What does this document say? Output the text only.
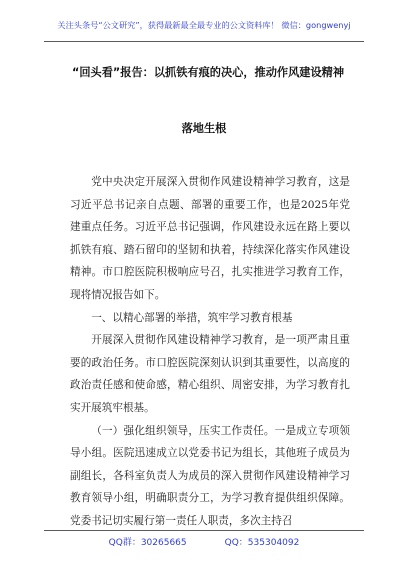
关注头条号“公文研究”，获得最新最全最专业的公文资料库！ 微信：gongwenyj
“回头看”报告：以抓铁有痕的决心，推动作风建设精神
落地生根

党中央决定开展深入贯彻作风建设精神学习教育，这是习近平总书记亲自点题、部署的重要工作，也是2025年党建重点任务。习近平总书记强调，作风建设永远在路上要以抓铁有痕、踏石留印的坚韧和执着，持续深化落实作风建设精神。市口腔医院积极响应号召，扎实推进学习教育工作，现将情况报告如下。

一、以精心部署的举措，筑牢学习教育根基

开展深入贯彻作风建设精神学习教育，是一项严肃且重要的政治任务。市口腔医院深刻认识到其重要性，以高度的政治责任感和使命感，精心组织、周密安排，为学习教育扎实开展筑牢根基。

（一）强化组织领导，压实工作责任。一是成立专项领导小组。医院迅速成立以党委书记为组长，其他班子成员为副组长，各科室负责人为成员的深入贯彻作风建设精神学习教育领导小组，明确职责分工，为学习教育提供组织保障。党委书记切实履行第一责任人职责，多次主持召

QQ群：30265665	QQ：535304092
